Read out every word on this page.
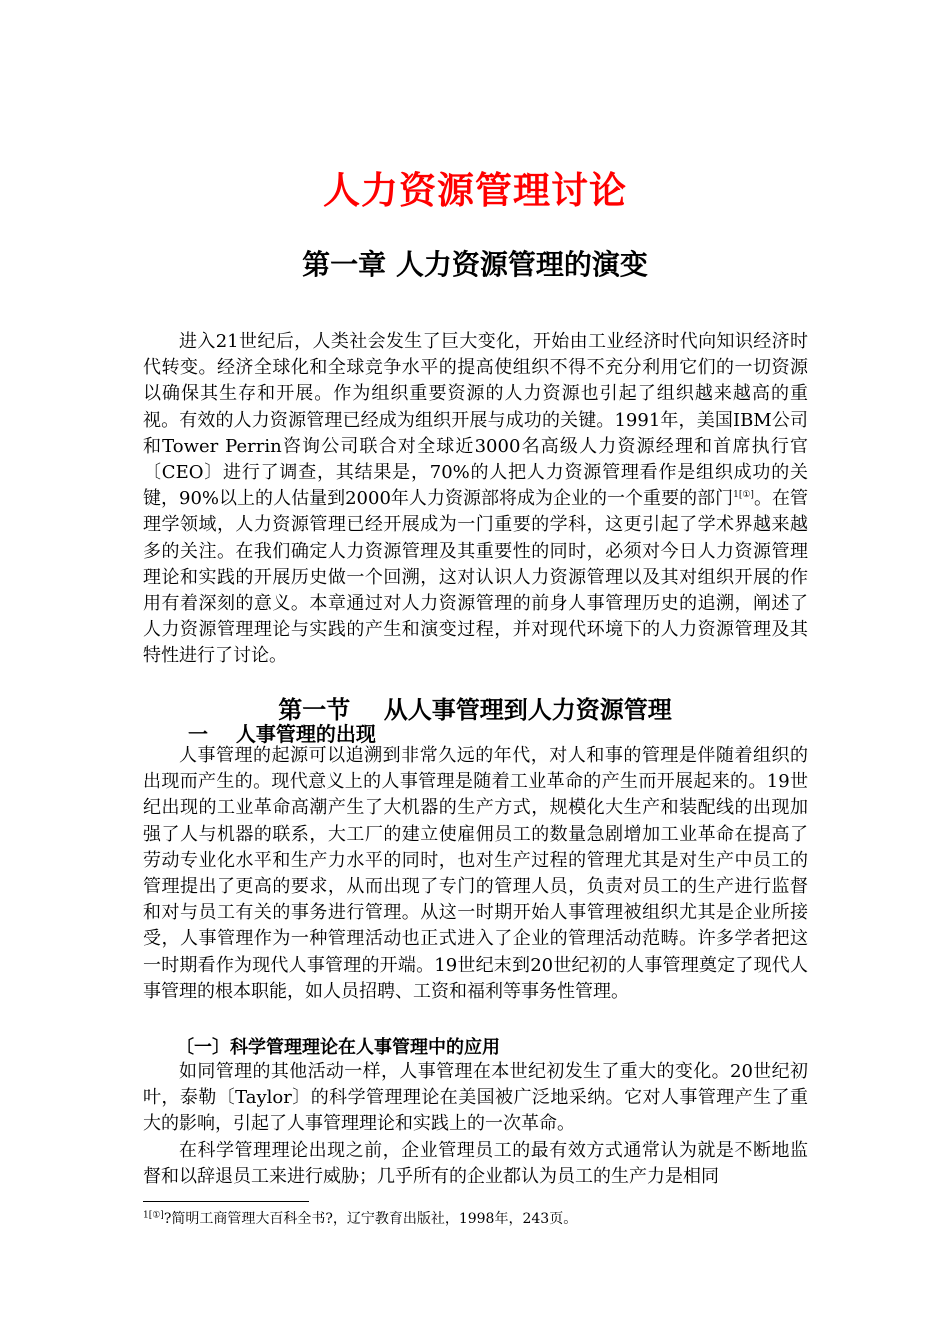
人力资源管理讨论
第一章 人力资源管理的演变

进入21世纪后，人类社会发生了巨大变化，开始由工业经济时代向知识经济时代转变。经济全球化和全球竞争水平的提高使组织不得不充分利用它们的一切资源以确保其生存和开展。作为组织重要资源的人力资源也引起了组织越来越高的重视。有效的人力资源管理已经成为组织开展与成功的关键。1991年，美国IBM公司和Tower Perrin咨询公司联合对全球近3000名高级人力资源经理和首席执行官〔CEO〕进行了调查，其结果是，70%的人把人力资源管理看作是组织成功的关键，90%以上的人估量到2000年人力资源部将成为企业的一个重要的部门$^{1[①]}$。在管理学领域，人力资源管理已经开展成为一门重要的学科，这更引起了学术界越来越多的关注。在我们确定人力资源管理及其重要性的同时，必须对今日人力资源管理理论和实践的开展历史做一个回溯，这对认识人力资源管理以及其对组织开展的作用有着深刻的意义。本章通过对人力资源管理的前身人事管理历史的追溯，阐述了人力资源管理理论与实践的产生和演变过程，并对现代环境下的人力资源管理及其特性进行了讨论。

第一节    从人事管理到人力资源管理
一    人事管理的出现

人事管理的起源可以追溯到非常久远的年代，对人和事的管理是伴随着组织的出现而产生的。现代意义上的人事管理是随着工业革命的产生而开展起来的。19世纪出现的工业革命高潮产生了大机器的生产方式，规模化大生产和装配线的出现加强了人与机器的联系，大工厂的建立使雇佣员工的数量急剧增加工业革命在提高了劳动专业化水平和生产力水平的同时，也对生产过程的管理尤其是对生产中员工的管理提出了更高的要求，从而出现了专门的管理人员，负责对员工的生产进行监督和对与员工有关的事务进行管理。从这一时期开始人事管理被组织尤其是企业所接受，人事管理作为一种管理活动也正式进入了企业的管理活动范畴。许多学者把这一时期看作为现代人事管理的开端。19世纪末到20世纪初的人事管理奠定了现代人事管理的根本职能，如人员招聘、工资和福利等事务性管理。

〔一〕科学管理理论在人事管理中的应用

如同管理的其他活动一样，人事管理在本世纪初发生了重大的变化。20世纪初叶，泰勒〔Taylor〕的科学管理理论在美国被广泛地采纳。它对人事管理产生了重大的影响，引起了人事管理理论和实践上的一次革命。

在科学管理理论出现之前，企业管理员工的最有效方式通常认为就是不断地监督和以辞退员工来进行威胁；几乎所有的企业都认为员工的生产力是相同

$^{1[①]}$?简明工商管理大百科全书?，辽宁教育出版社，1998年，243页。
